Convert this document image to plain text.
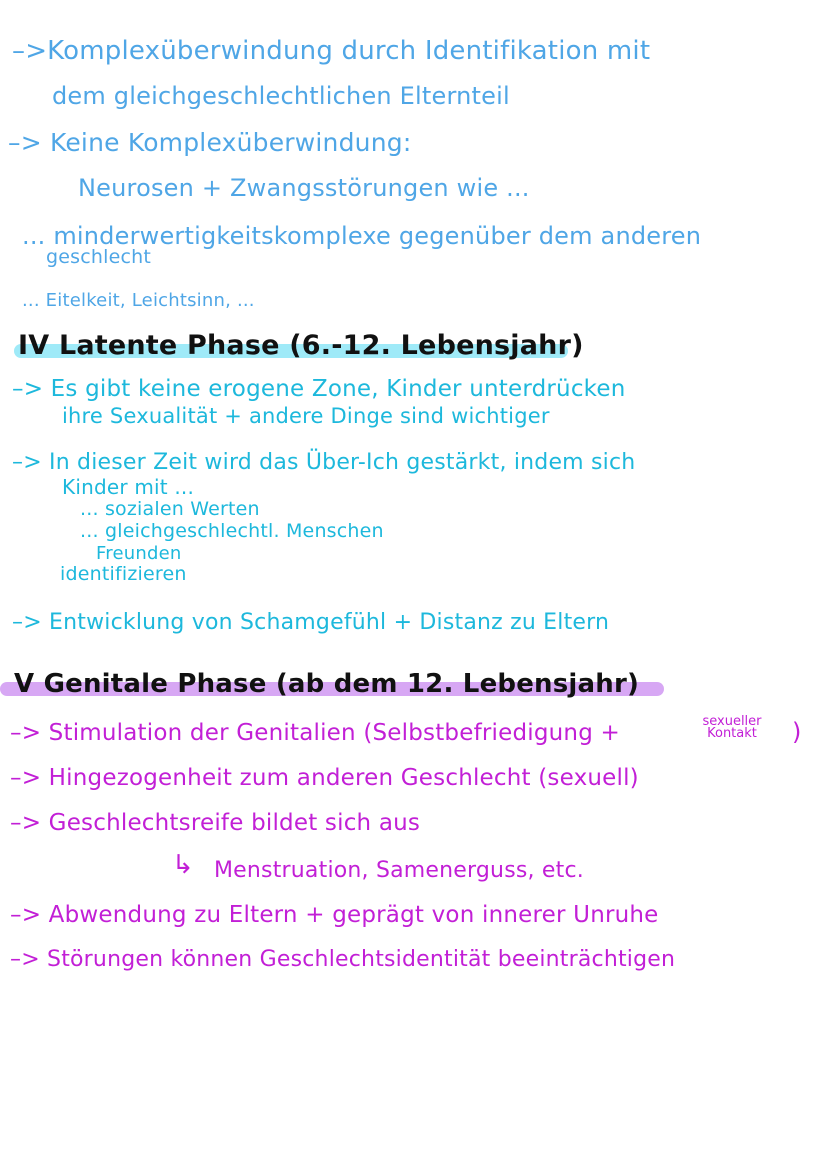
–>Komplexüberwindung durch Identifikation mit
dem gleichgeschlechtlichen Elternteil
–> Keine Komplexüberwindung:
Neurosen + Zwangsstörungen wie ...
... minderwertigkeitskomplexe gegenüber dem anderen
geschlecht
... Eitelkeit, Leichtsinn, ...
IV Latente Phase (6.-12. Lebensjahr)
–> Es gibt keine erogene Zone, Kinder unterdrücken
ihre Sexualität + andere Dinge sind wichtiger
–> In dieser Zeit wird das Über-Ich gestärkt, indem sich
Kinder mit ...
... sozialen Werten
... gleichgeschlechtl. Menschen
Freunden
identifizieren
–> Entwicklung von Schamgefühl + Distanz zu Eltern
V Genitale Phase (ab dem 12. Lebensjahr)
–> Stimulation der Genitalien (Selbstbefriedigung +	sexueller
Kontakt	)
–> Hingezogenheit zum anderen Geschlecht (sexuell)
–> Geschlechtsreife bildet sich aus
↳ Menstruation, Samenerguss, etc.
–> Abwendung zu Eltern + geprägt von innerer Unruhe
–> Störungen können Geschlechtsidentität beeinträchtigen
